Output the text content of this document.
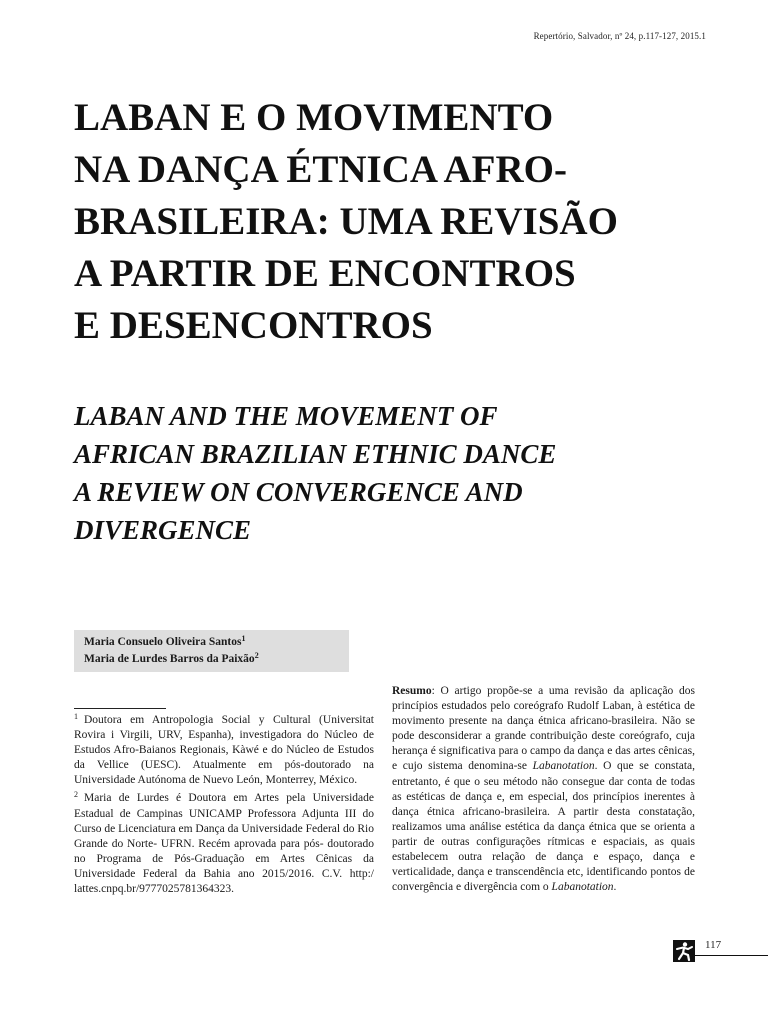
Repertório, Salvador, nº 24, p.117-127, 2015.1
LABAN E O MOVIMENTO
NA DANÇA ÉTNICA AFRO-
BRASILEIRA: UMA REVISÃO
A PARTIR DE ENCONTROS
E DESENCONTROS
LABAN AND THE MOVEMENT OF
AFRICAN BRAZILIAN ETHNIC DANCE
A REVIEW ON CONVERGENCE AND
DIVERGENCE
Maria Consuelo Oliveira Santos$^1$
Maria de Lurdes Barros da Paixão$^2$

$^1$ Doutora em Antropologia Social y Cultural (Universitat Rovira i Virgili, URV, Espanha), investigadora do Núcleo de Estudos Afro-Baianos Regionais, Kàwé e do Núcleo de Estudos da Vellice (UESC). Atualmente em pós-doutorado na Universidade Autónoma de Nuevo León, Monterrey, México.

$^2$ Maria de Lurdes é Doutora em Artes pela Universidade Estadual de Campinas UNICAMP Professora Adjunta III do Curso de Licenciatura em Dança da Universidade Federal do Rio Grande do Norte- UFRN. Recém aprovada para pós- doutorado no Programa de Pós-Graduação em Artes Cênicas da Universidade Federal da Bahia ano 2015/2016. C.V. http:/ lattes.cnpq.br/9777025781364323.

Resumo: O artigo propõe-se a uma revisão da aplicação dos princípios estudados pelo coreógrafo Rudolf Laban, à estética de movimento presente na dança étnica africano-brasileira. Não se pode desconsiderar a grande contribuição deste coreógrafo, cuja herança é significativa para o campo da dança e das artes cênicas, e cujo sistema denomina-se Labanotation. O que se constata, entretanto, é que o seu método não consegue dar conta de todas as estéticas de dança e, em especial, dos princípios inerentes à dança étnica africano-brasileira. A partir desta constatação, realizamos uma análise estética da dança étnica que se orienta a partir de outras configurações rítmicas e espaciais, as quais estabelecem outra relação de dança e espaço, dança e verticalidade, dança e transcendência etc, identificando pontos de convergência e divergência com o Labanotation.

117
